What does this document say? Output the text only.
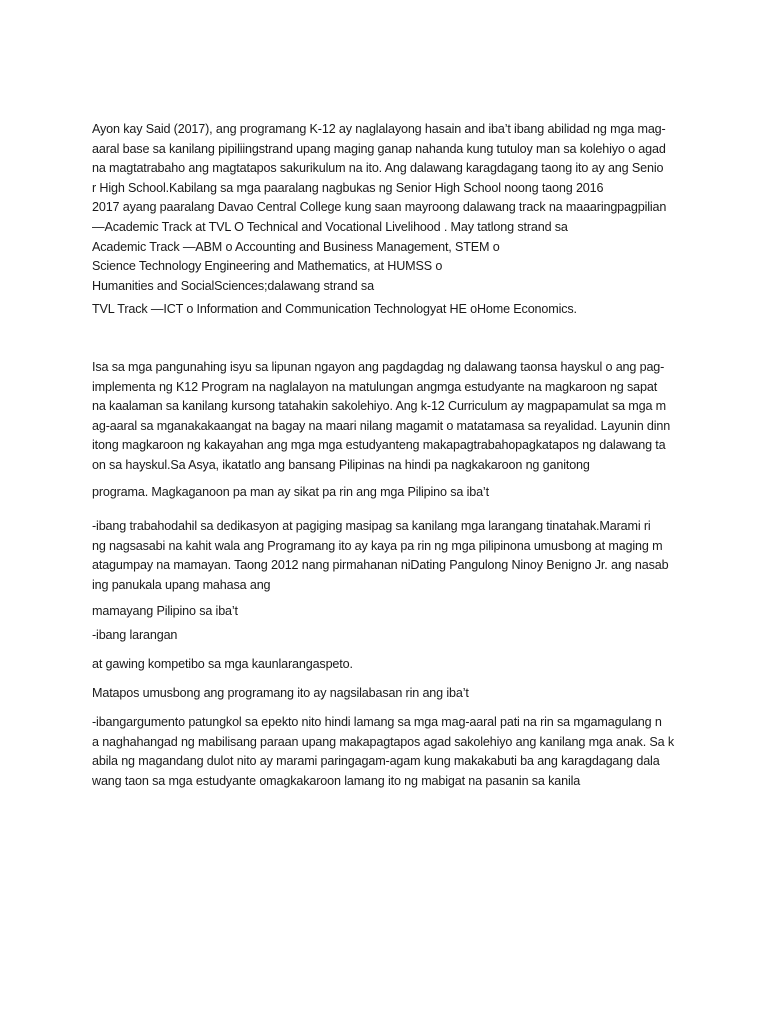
Ayon kay Said (2017), ang programang K-12 ay naglalayong hasain and iba’t ibang abilidad ng mga mag-
aaral base sa kanilang pipiliingstrand upang maging ganap nahanda kung tutuloy man sa kolehiyo o agad
na magtatrabaho ang magtatapos sakurikulum na ito. Ang dalawang karagdagang taong ito ay ang Senio
r High School.Kabilang sa mga paaralang nagbukas ng Senior High School noong taong 2016
2017 ayang paaralang Davao Central College kung saan mayroong dalawang track na maaaringpagpilian
—Academic Track at TVL O Technical and Vocational Livelihood . May tatlong strand sa
Academic Track —ABM o Accounting and Business Management, STEM o
Science Technology Engineering and Mathematics, at HUMSS o
Humanities and SocialSciences;dalawang strand sa
TVL Track —ICT o Information and Communication Technologyat HE oHome Economics.
Isa sa mga pangunahing isyu sa lipunan ngayon ang pagdagdag ng dalawang taonsa hayskul o ang pag-
implementa ng K12 Program na naglalayon na matulungan angmga estudyante na magkaroon ng sapat
na kaalaman sa kanilang kursong tatahakin sakolehiyo. Ang k-12 Curriculum ay magpapamulat sa mga m
ag-aaral sa mganakakaangat na bagay na maari nilang magamit o matatamasa sa reyalidad. Layunin dinn
itong magkaroon ng kakayahan ang mga mga estudyanteng makapagtrabahopagkatapos ng dalawang ta
on sa hayskul.Sa Asya, ikatatlo ang bansang Pilipinas na hindi pa nagkakaroon ng ganitong
programa. Magkaganoon pa man ay sikat pa rin ang mga Pilipino sa iba’t
-ibang trabahodahil sa dedikasyon at pagiging masipag sa kanilang mga larangang tinatahak.Marami ri
ng nagsasabi na kahit wala ang Programang ito ay kaya pa rin ng mga pilipinona umusbong at maging m
atagumpay na mamayan. Taong 2012 nang pirmahanan niDating Pangulong Ninoy Benigno Jr. ang nasab
ing panukala upang mahasa ang
mamayang Pilipino sa iba’t
-ibang larangan
at gawing kompetibo sa mga kaunlarangaspeto.
Matapos umusbong ang programang ito ay nagsilabasan rin ang iba’t
-ibangargumento patungkol sa epekto nito hindi lamang sa mga mag-aaral pati na rin sa mgamagulang n
a naghahangad ng mabilisang paraan upang makapagtapos agad sakolehiyo ang kanilang mga anak. Sa k
abila ng magandang dulot nito ay marami paringagam-agam kung makakabuti ba ang karagdagang dala
wang taon sa mga estudyante omagkakaroon lamang ito ng mabigat na pasanin sa kanila
